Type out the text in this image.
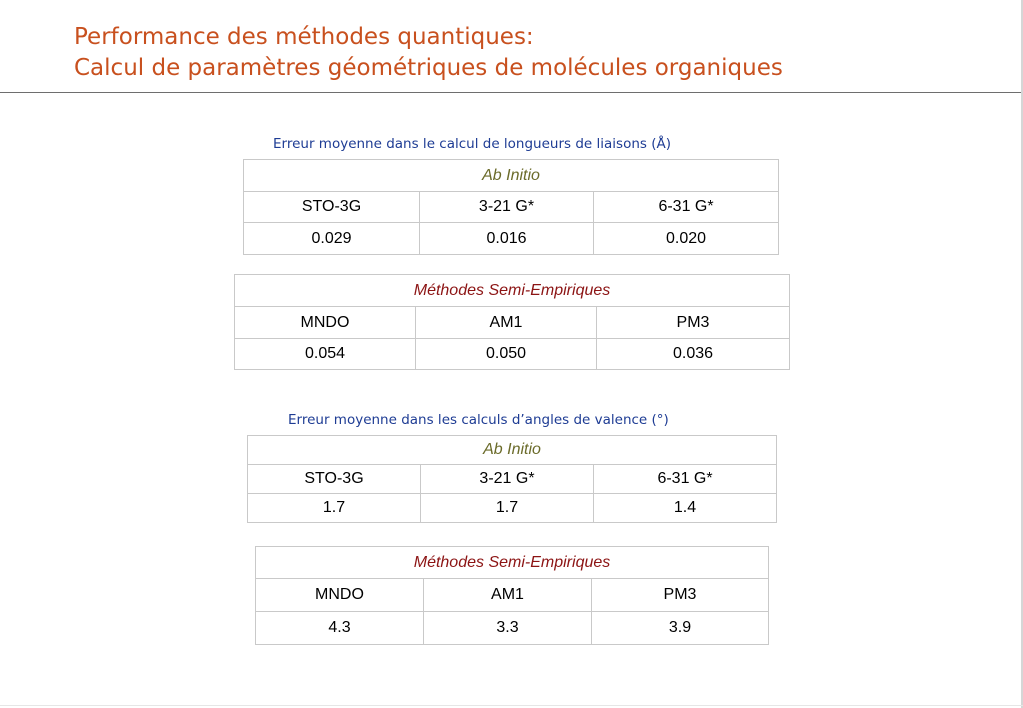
Performance des méthodes quantiques:
Calcul de paramètres géométriques de molécules organiques

Erreur moyenne dans le calcul de longueurs de liaisons (Å)

Ab Initio		
STO-3G	3-21 G*	6-31 G*
0.029	0.016	0.020
Méthodes Semi-Empiriques		
MNDO	AM1	PM3
0.054	0.050	0.036

Erreur moyenne dans les calculs d’angles de valence (°)

Ab Initio		
STO-3G	3-21 G*	6-31 G*
1.7	1.7	1.4
Méthodes Semi-Empiriques		
MNDO	AM1	PM3
4.3	3.3	3.9
